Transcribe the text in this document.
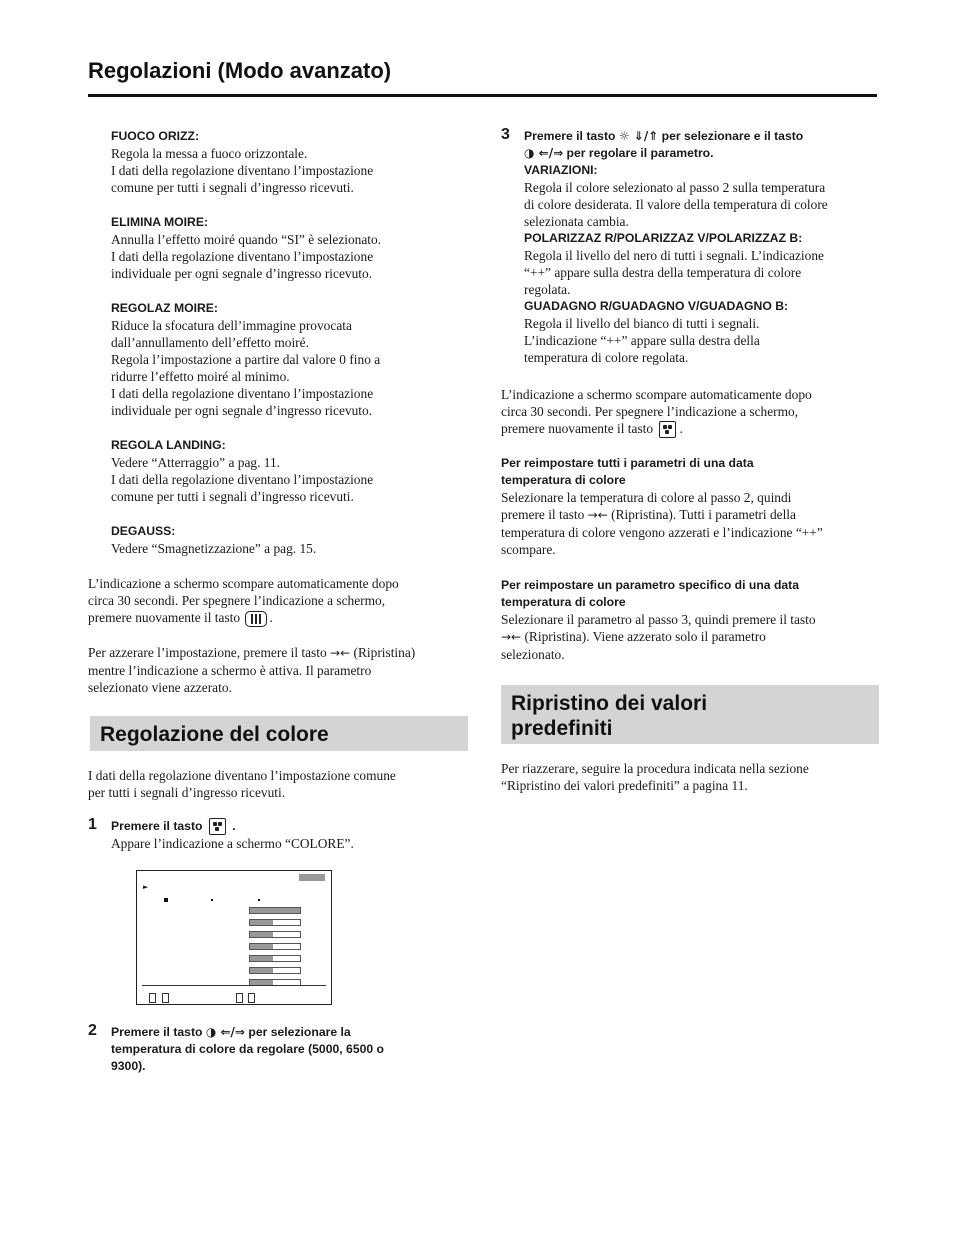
Regolazioni (Modo avanzato)

FUOCO ORIZZ:

Regola la messa a fuoco orizzontale.

I dati della regolazione diventano l’impostazione

comune per tutti i segnali d’ingresso ricevuti.

ELIMINA MOIRE:

Annulla l’effetto moiré quando “SI” è selezionato.

I dati della regolazione diventano l’impostazione

individuale per ogni segnale d’ingresso ricevuto.

REGOLAZ MOIRE:

Riduce la sfocatura dell’immagine provocata

dall’annullamento dell’effetto moiré.

Regola l’impostazione a partire dal valore 0 fino a

ridurre l’effetto moiré al minimo.

I dati della regolazione diventano l’impostazione

individuale per ogni segnale d’ingresso ricevuto.

REGOLA LANDING:

Vedere “Atterraggio” a pag. 11.

I dati della regolazione diventano l’impostazione

comune per tutti i segnali d’ingresso ricevuti.

DEGAUSS:

Vedere “Smagnetizzazione” a pag. 15.

L’indicazione a schermo scompare automaticamente dopo

circa 30 secondi. Per spegnere l’indicazione a schermo,

premere nuovamente il tasto .

Per azzerare l’impostazione, premere il tasto →← (Ripristina)

mentre l’indicazione a schermo è attiva. Il parametro

selezionato viene azzerato.

Regolazione del colore

I dati della regolazione diventano l’impostazione comune

per tutti i segnali d’ingresso ricevuti.

1 Premere il tasto .

Appare l’indicazione a schermo “COLORE”.

►
2 Premere il tasto ◑ ⇐/⇒ per selezionare la

temperatura di colore da regolare (5000, 6500 o

9300).

3 Premere il tasto ☼ ⇓/⇑ per selezionare e il tasto

◑ ⇐/⇒ per regolare il parametro.

VARIAZIONI:

Regola il colore selezionato al passo 2 sulla temperatura

di colore desiderata. Il valore della temperatura di colore

selezionata cambia.

POLARIZZAZ R/POLARIZZAZ V/POLARIZZAZ B:

Regola il livello del nero di tutti i segnali. L’indicazione

“++” appare sulla destra della temperatura di colore

regolata.

GUADAGNO R/GUADAGNO V/GUADAGNO B:

Regola il livello del bianco di tutti i segnali.

L’indicazione “++” appare sulla destra della

temperatura di colore regolata.

L’indicazione a schermo scompare automaticamente dopo

circa 30 secondi. Per spegnere l’indicazione a schermo,

premere nuovamente il tasto .

Per reimpostare tutti i parametri di una data

temperatura di colore

Selezionare la temperatura di colore al passo 2, quindi

premere il tasto →← (Ripristina). Tutti i parametri della

temperatura di colore vengono azzerati e l’indicazione “++”

scompare.

Per reimpostare un parametro specifico di una data

temperatura di colore

Selezionare il parametro al passo 3, quindi premere il tasto

→← (Ripristina). Viene azzerato solo il parametro

selezionato.

Ripristino dei valori
predefiniti

Per riazzerare, seguire la procedura indicata nella sezione

“Ripristino dei valori predefiniti” a pagina 11.
